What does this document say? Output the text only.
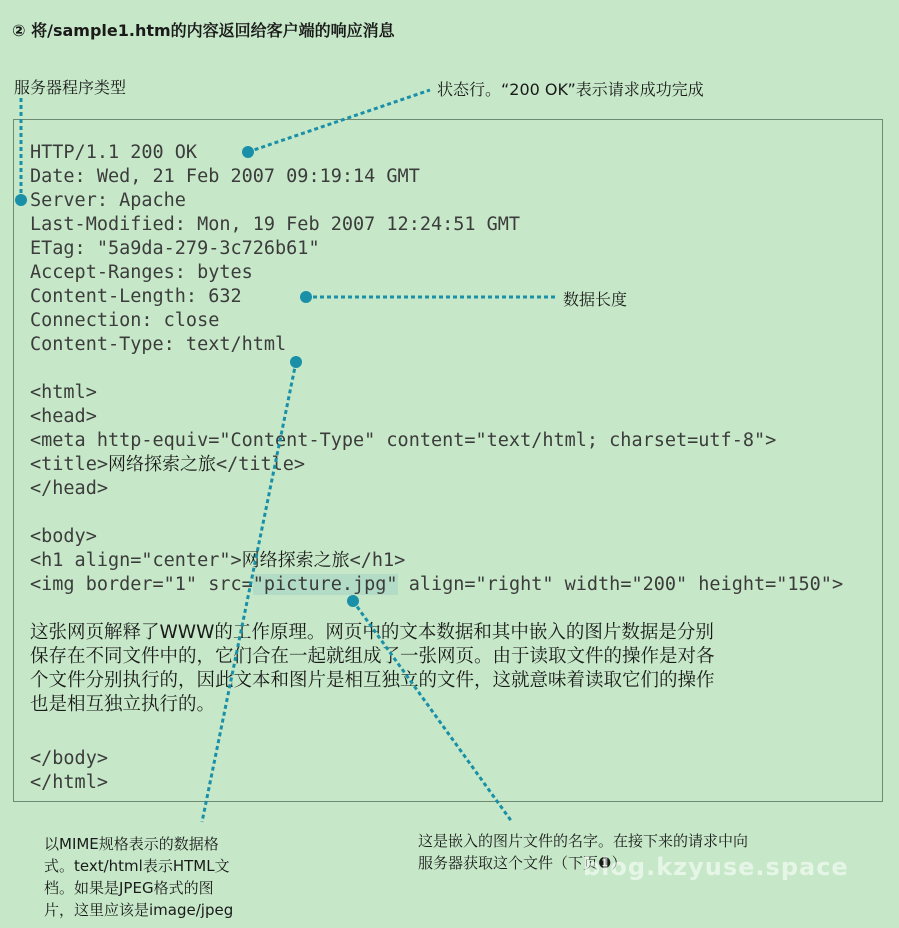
② 将/sample1.htm的内容返回给客户端的响应消息
服务器程序类型	状态行。“200 OK”表示请求成功完成
数据长度
HTTP/1.1 200 OK
Date: Wed, 21 Feb 2007 09:19:14 GMT
Server: Apache
Last-Modified: Mon, 19 Feb 2007 12:24:51 GMT
ETag: "5a9da-279-3c726b61"
Accept-Ranges: bytes
Content-Length: 632
Connection: close
Content-Type: text/html
<html>
<head>
<meta http-equiv="Content-Type" content="text/html; charset=utf-8">
<title>网络探索之旅</title>
</head>
<body>
<h1 align="center">网络探索之旅</h1>
<img border="1" src="picture.jpg" align="right" width="200" height="150">
这张网页解释了WWW的工作原理。网页中的文本数据和其中嵌入的图片数据是分别
保存在不同文件中的，它们合在一起就组成了一张网页。由于读取文件的操作是对各
个文件分别执行的，因此文本和图片是相互独立的文件，这就意味着读取它们的操作
也是相互独立执行的。
</body>
</html>
以MIME规格表示的数据格
式。text/html表示HTML文
档。如果是JPEG格式的图
片，这里应该是image/jpeg
这是嵌入的图片文件的名字。在接下来的请求中向
服务器获取这个文件（下页❶）
blog.kzyuse.space
